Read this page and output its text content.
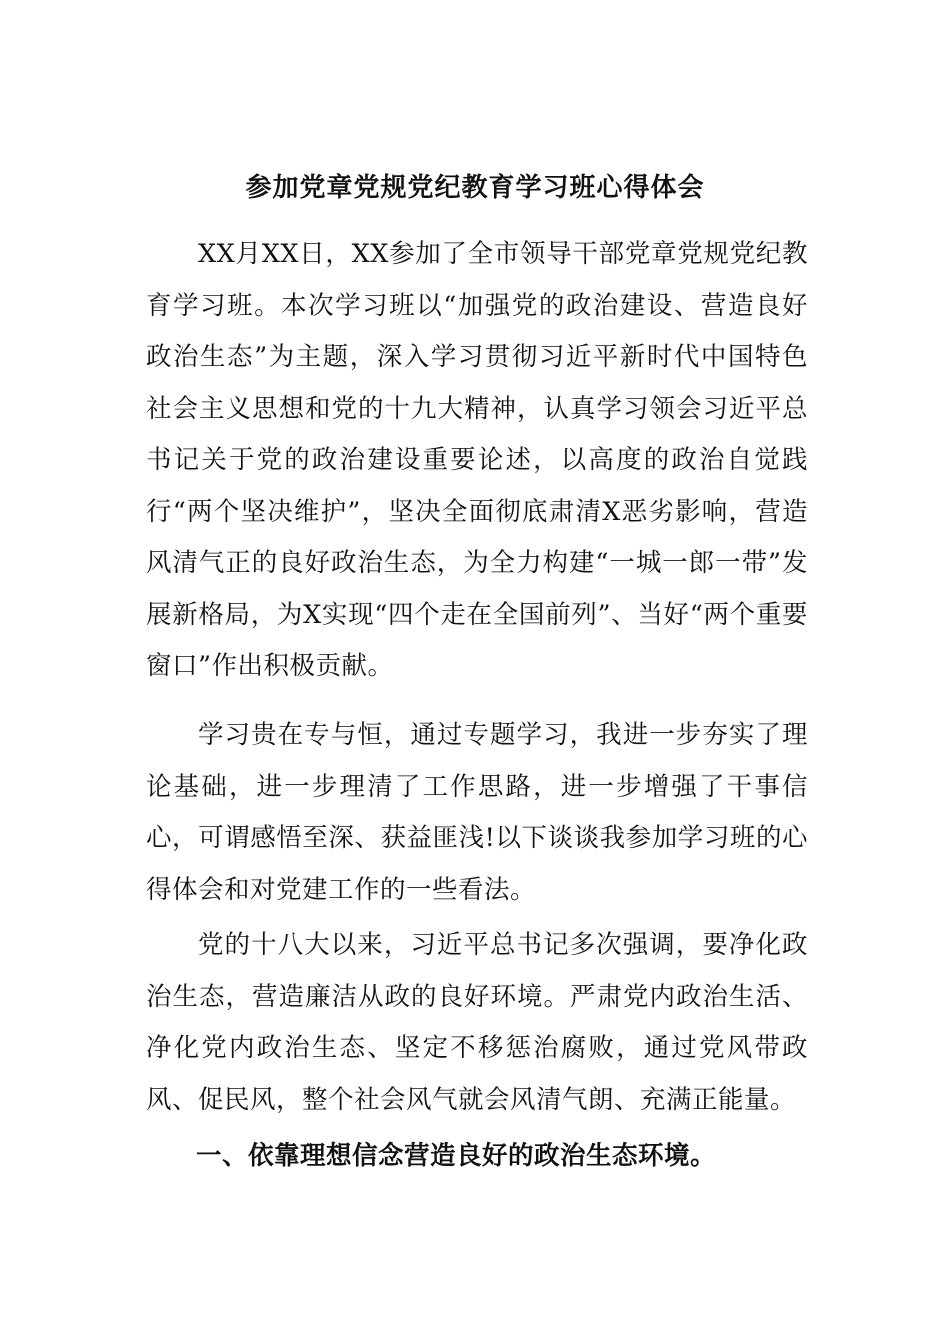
参加党章党规党纪教育学习班心得体会

XX月XX日，XX参加了全市领导干部党章党规党纪教育学习班。本次学习班以“加强党的政治建设、营造良好政治生态”为主题，深入学习贯彻习近平新时代中国特色社会主义思想和党的十九大精神，认真学习领会习近平总书记关于党的政治建设重要论述，以高度的政治自觉践行“两个坚决维护”，坚决全面彻底肃清X恶劣影响，营造风清气正的良好政治生态，为全力构建“一城一郎一带”发展新格局，为X实现“四个走在全国前列”、当好“两个重要窗口”作出积极贡献。

学习贵在专与恒，通过专题学习，我进一步夯实了理论基础，进一步理清了工作思路，进一步增强了干事信心，可谓感悟至深、获益匪浅!以下谈谈我参加学习班的心得体会和对党建工作的一些看法。

党的十八大以来，习近平总书记多次强调，要净化政治生态，营造廉洁从政的良好环境。严肃党内政治生活、净化党内政治生态、坚定不移惩治腐败，通过党风带政风、促民风，整个社会风气就会风清气朗、充满正能量。

一、依靠理想信念营造良好的政治生态环境。
